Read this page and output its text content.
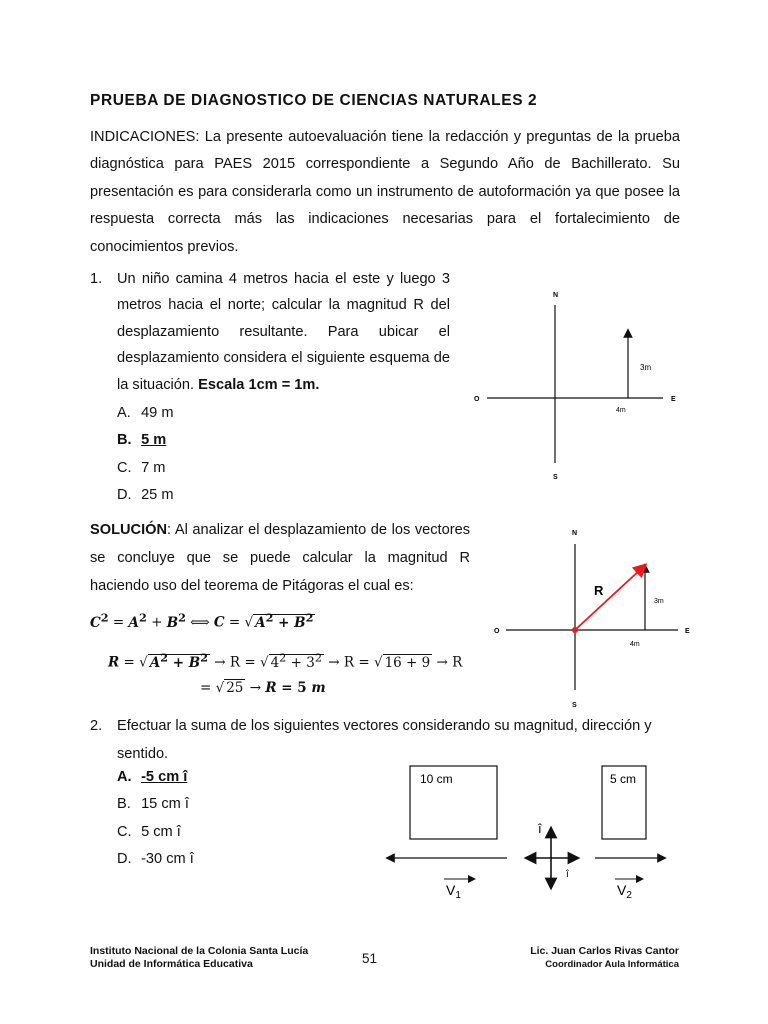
PRUEBA DE DIAGNOSTICO DE CIENCIAS NATURALES 2
INDICACIONES: La presente autoevaluación tiene la redacción y preguntas de la prueba diagnóstica para PAES 2015 correspondiente a Segundo Año de Bachillerato. Su presentación es para considerarla como un instrumento de autoformación ya que posee la respuesta correcta más las indicaciones necesarias para el fortalecimiento de conocimientos previos.
1. Un niño camina 4 metros hacia el este y luego 3 metros hacia el norte; calcular la magnitud R del desplazamiento resultante. Para ubicar el desplazamiento considera el siguiente esquema de la situación. Escala 1cm = 1m.
A. 49 m
B. 5 m
C. 7 m
D. 25 m
N
S
O	E
3m
4m
SOLUCIÓN: Al analizar el desplazamiento de los vectores se concluye que se puede calcular la magnitud R haciendo uso del teorema de Pitágoras el cual es:
$C^2 = A^2 + B^2$ ⟺ C = √ $A^2 + B^2$
R = √ $A^2 + B^2 \to R$ = √ $4^2 + 3^2 \to R$ = √ 16 + 9 → R
= √ 25 → R = 5 m
N
S
O	E
R
3m
4m
2. Efectuar la suma de los siguientes vectores considerando su magnitud, dirección y
sentido.
A. -5 cm î
B. 15 cm î
C. 5 cm î
D. -30 cm î
10 cm	5 cm
î
î
$V_1$	$V_2$
Instituto Nacional de la Colonia Santa Lucía
Unidad de Informática Educativa	51	Lic. Juan Carlos Rivas Cantor
Coordinador Aula Informática
